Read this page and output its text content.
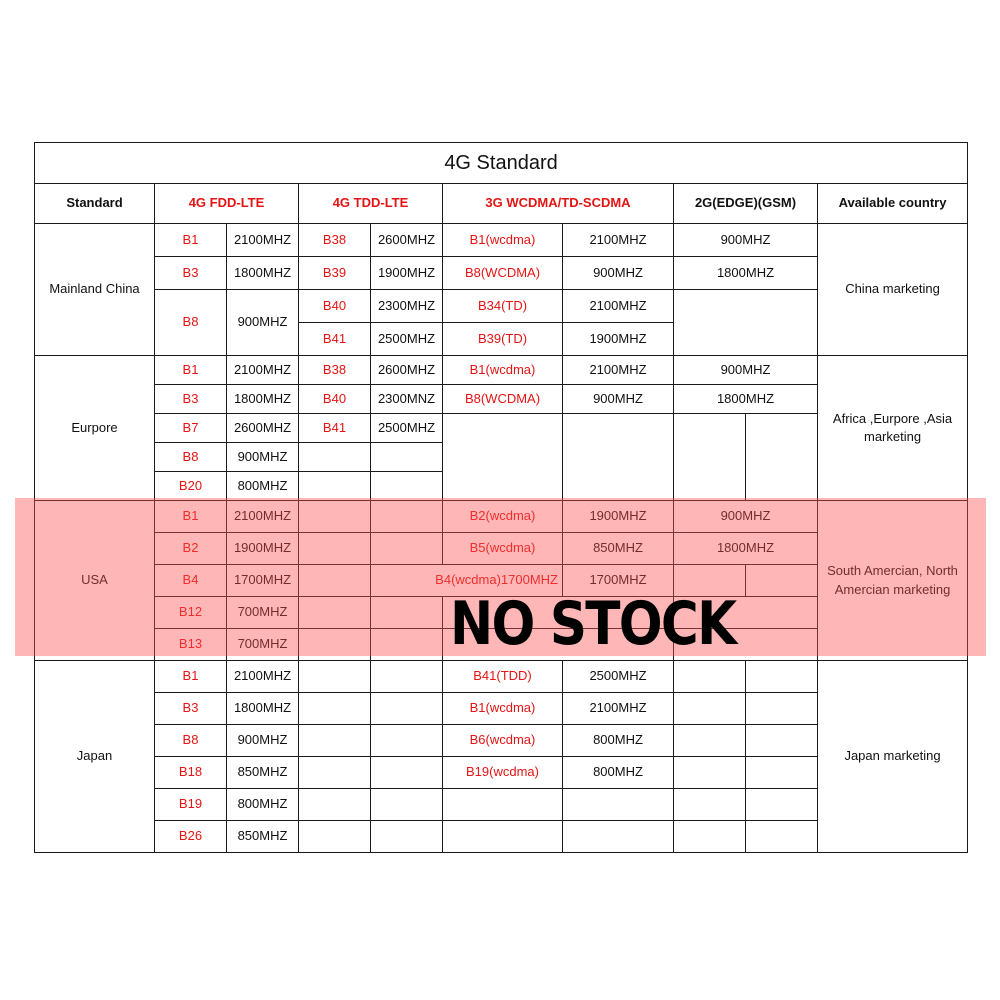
4G Standard									
Standard	4G FDD-LTE		4G TDD-LTE		3G WCDMA/TD-SCDMA		2G(EDGE)(GSM)		Available country
Mainland China	B1	2100MHZ	B38	2600MHZ	B1(wcdma)	2100MHZ	900MHZ		China marketing
	B3	1800MHZ	B39	1900MHZ	B8(WCDMA)	900MHZ	1800MHZ		
	B8	900MHZ	B40	2300MHZ	B34(TD)	2100MHZ			
			B41	2500MHZ	B39(TD)	1900MHZ			
Eurpore	B1	2100MHZ	B38	2600MHZ	B1(wcdma)	2100MHZ	900MHZ		Africa ,Eurpore ,Asia marketing
	B3	1800MHZ	B40	2300MNZ	B8(WCDMA)	900MHZ	1800MHZ		
	B7	2600MHZ	B41	2500MHZ					
	B8	900MHZ							
	B20	800MHZ							
USA	B1	2100MHZ			B2(wcdma)	1900MHZ	900MHZ		South Amercian, North Amercian marketing
	B2	1900MHZ			B5(wcdma)	850MHZ	1800MHZ		
	B4	1700MHZ		B4(wcdma)1700MHZ		1700MHZ			
	B12	700MHZ							
	B13	700MHZ							
Japan	B1	2100MHZ			B41(TDD)	2500MHZ			Japan marketing
	B3	1800MHZ			B1(wcdma)	2100MHZ			
	B8	900MHZ			B6(wcdma)	800MHZ			
	B18	850MHZ			B19(wcdma)	800MHZ			
	B19	800MHZ							
	B26	850MHZ							
NO STOCK
